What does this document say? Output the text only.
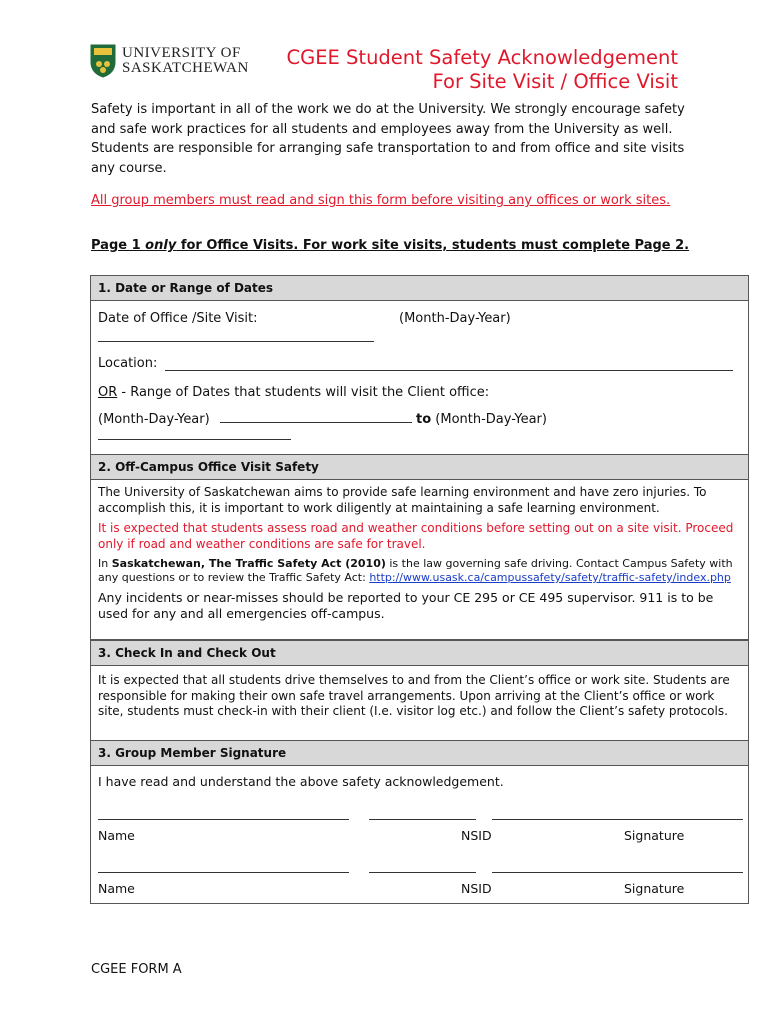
UNIVERSITY OF
SASKATCHEWAN CGEE Student Safety Acknowledgement
For Site Visit / Office Visit
Safety is important in all of the work we do at the University. We strongly encourage safety and safe work practices for all students and employees away from the University as well. Students are responsible for arranging safe transportation to and from office and site visits any course.
All group members must read and sign this form before visiting any offices or work sites.
Page 1 only for Office Visits. For work site visits, students must complete Page 2.
1. Date or Range of Dates
Date of Office /Site Visit:	(Month-Day-Year)
Location:
OR - Range of Dates that students will visit the Client office:
(Month-Day-Year)	to (Month-Day-Year)
2. Off-Campus Office Visit Safety
The University of Saskatchewan aims to provide safe learning environment and have zero injuries. To accomplish this, it is important to work diligently at maintaining a safe learning environment.
It is expected that students assess road and weather conditions before setting out on a site visit. Proceed only if road and weather conditions are safe for travel.
In Saskatchewan, The Traffic Safety Act (2010) is the law governing safe driving. Contact Campus Safety with any questions or to review the Traffic Safety Act: http://www.usask.ca/campussafety/safety/traffic-safety/index.php
Any incidents or near-misses should be reported to your CE 295 or CE 495 supervisor. 911 is to be used for any and all emergencies off-campus.
3. Check In and Check Out
It is expected that all students drive themselves to and from the Client’s office or work site. Students are responsible for making their own safe travel arrangements. Upon arriving at the Client’s office or work site, students must check-in with their client (I.e. visitor log etc.) and follow the Client’s safety protocols.
3. Group Member Signature
I have read and understand the above safety acknowledgement.
Name	NSID	Signature
Name	NSID	Signature
CGEE FORM A
